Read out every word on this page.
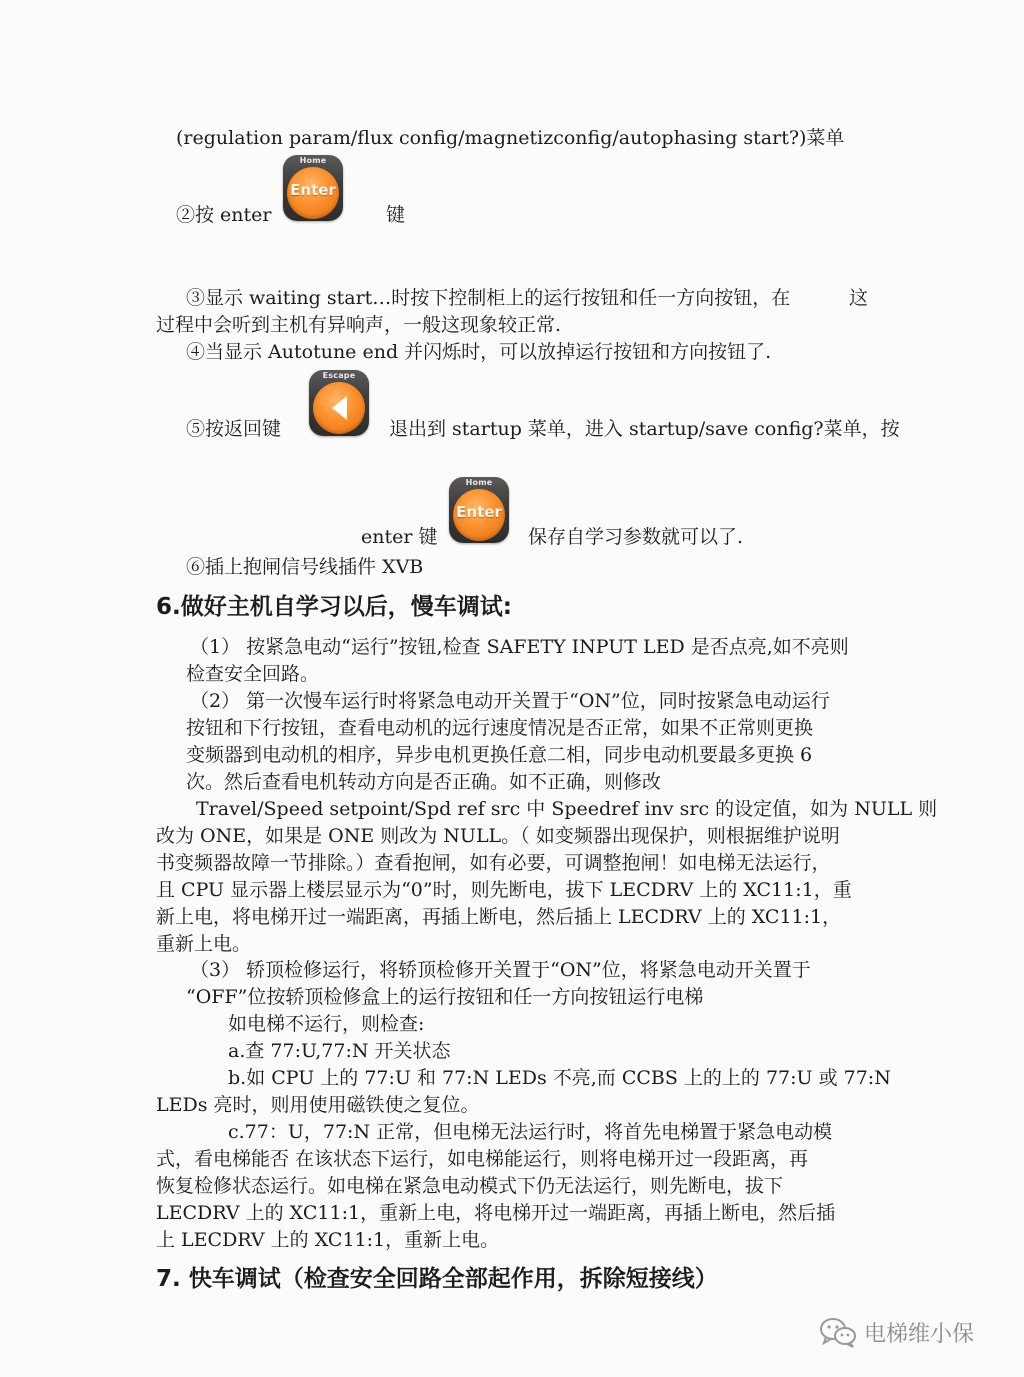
(regulation param/flux config/magnetizconfig/autophasing start?)菜单
②按 enter
Home
Enter
键
③显示 waiting start…时按下控制柜上的运行按钮和任一方向按钮，在	这
过程中会听到主机有异响声，一般这现象较正常.
④当显示 Autotune end 并闪烁时，可以放掉运行按钮和方向按钮了.
⑤按返回键
Escape
退出到 startup 菜单，进入 startup/save config?菜单，按
enter 键
Home
Enter
保存自学习参数就可以了.
⑥插上抱闸信号线插件 XVB
6.做好主机自学习以后，慢车调试:
（1） 按紧急电动“运行”按钮,检查 SAFETY INPUT LED 是否点亮,如不亮则
检查安全回路。
（2） 第一次慢车运行时将紧急电动开关置于“ON”位，同时按紧急电动运行
按钮和下行按钮，查看电动机的远行速度情况是否正常，如果不正常则更换
变频器到电动机的相序，异步电机更换任意二相，同步电动机要最多更换 6
次。然后查看电机转动方向是否正确。如不正确，则修改
Travel/Speed setpoint/Spd ref src 中 Speedref inv src 的设定值，如为 NULL 则
改为 ONE，如果是 ONE 则改为 NULL。（ 如变频器出现保护，则根据维护说明
书变频器故障一节排除。）查看抱闸，如有必要，可调整抱闸！如电梯无法运行，
且 CPU 显示器上楼层显示为“0”时，则先断电，拔下 LECDRV 上的 XC11:1，重
新上电，将电梯开过一端距离，再插上断电，然后插上 LECDRV 上的 XC11:1，
重新上电。
（3） 轿顶检修运行，将轿顶检修开关置于“ON”位，将紧急电动开关置于
“OFF”位按轿顶检修盒上的运行按钮和任一方向按钮运行电梯
如电梯不运行，则检查:
a.查 77:U,77:N 开关状态
b.如 CPU 上的 77:U 和 77:N LEDs 不亮,而 CCBS 上的上的 77:U 或 77:N
LEDs 亮时，则用使用磁铁使之复位。
c.77：U，77:N 正常，但电梯无法运行时，将首先电梯置于紧急电动模
式，看电梯能否 在该状态下运行，如电梯能运行，则将电梯开过一段距离，再
恢复检修状态运行。如电梯在紧急电动模式下仍无法运行，则先断电，拔下
LECDRV 上的 XC11:1，重新上电，将电梯开过一端距离，再插上断电，然后插
上 LECDRV 上的 XC11:1，重新上电。
7. 快车调试（检查安全回路全部起作用，拆除短接线）
电梯维小保
